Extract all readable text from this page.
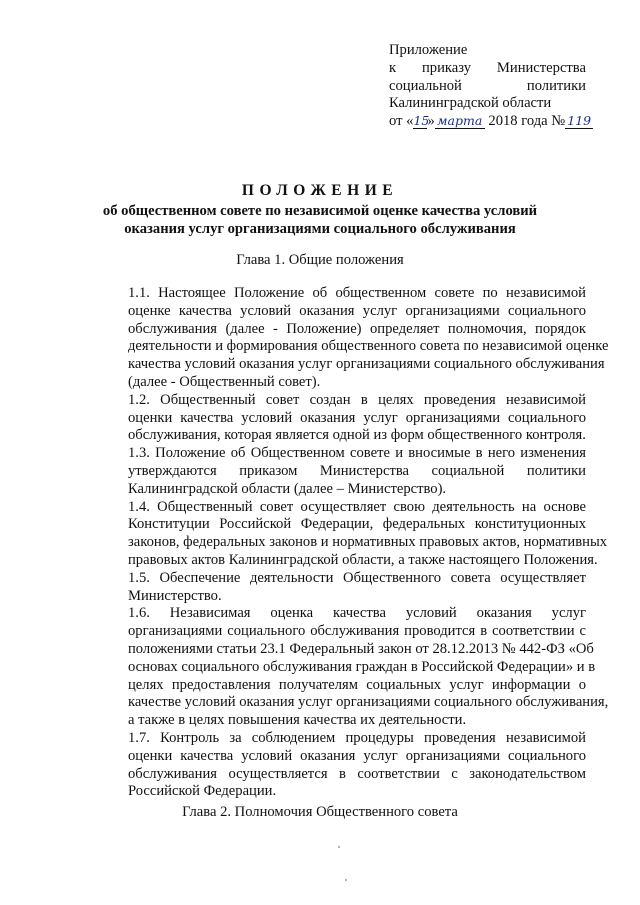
Приложение
к приказу Министерства
социальной	политики
Калининградской области
от «15» марта 2018 года № 119
ПОЛОЖЕНИЕ
об общественном совете по независимой оценке качества условий
оказания услуг организациями социального обслуживания
Глава 1. Общие положения

1.1. Настоящее Положение об общественном совете по независимой
оценке качества условий оказания услуг организациями социального
обслуживания (далее - Положение) определяет полномочия, порядок
деятельности и формирования общественного совета по независимой оценке
качества условий оказания услуг организациями социального обслуживания
(далее - Общественный совет).

1.2. Общественный совет создан в целях проведения независимой
оценки качества условий оказания услуг организациями социального
обслуживания, которая является одной из форм общественного контроля.

1.3. Положение об Общественном совете и вносимые в него изменения
утверждаются приказом Министерства социальной политики
Калининградской области (далее – Министерство).

1.4. Общественный совет осуществляет свою деятельность на основе
Конституции Российской Федерации, федеральных конституционных
законов, федеральных законов и нормативных правовых актов, нормативных
правовых актов Калининградской области, а также настоящего Положения.

1.5. Обеспечение деятельности Общественного совета осуществляет
Министерство.

1.6. Независимая оценка качества условий оказания услуг
организациями социального обслуживания проводится в соответствии с
положениями статьи 23.1 Федеральный закон от 28.12.2013 № 442-ФЗ «Об
основах социального обслуживания граждан в Российской Федерации» и в
целях предоставления получателям социальных услуг информации о
качестве условий оказания услуг организациями социального обслуживания,
а также в целях повышения качества их деятельности.

1.7. Контроль за соблюдением процедуры проведения независимой
оценки качества условий оказания услуг организациями социального
обслуживания осуществляется в соответствии с законодательством
Российской Федерации.

Глава 2. Полномочия Общественного совета
